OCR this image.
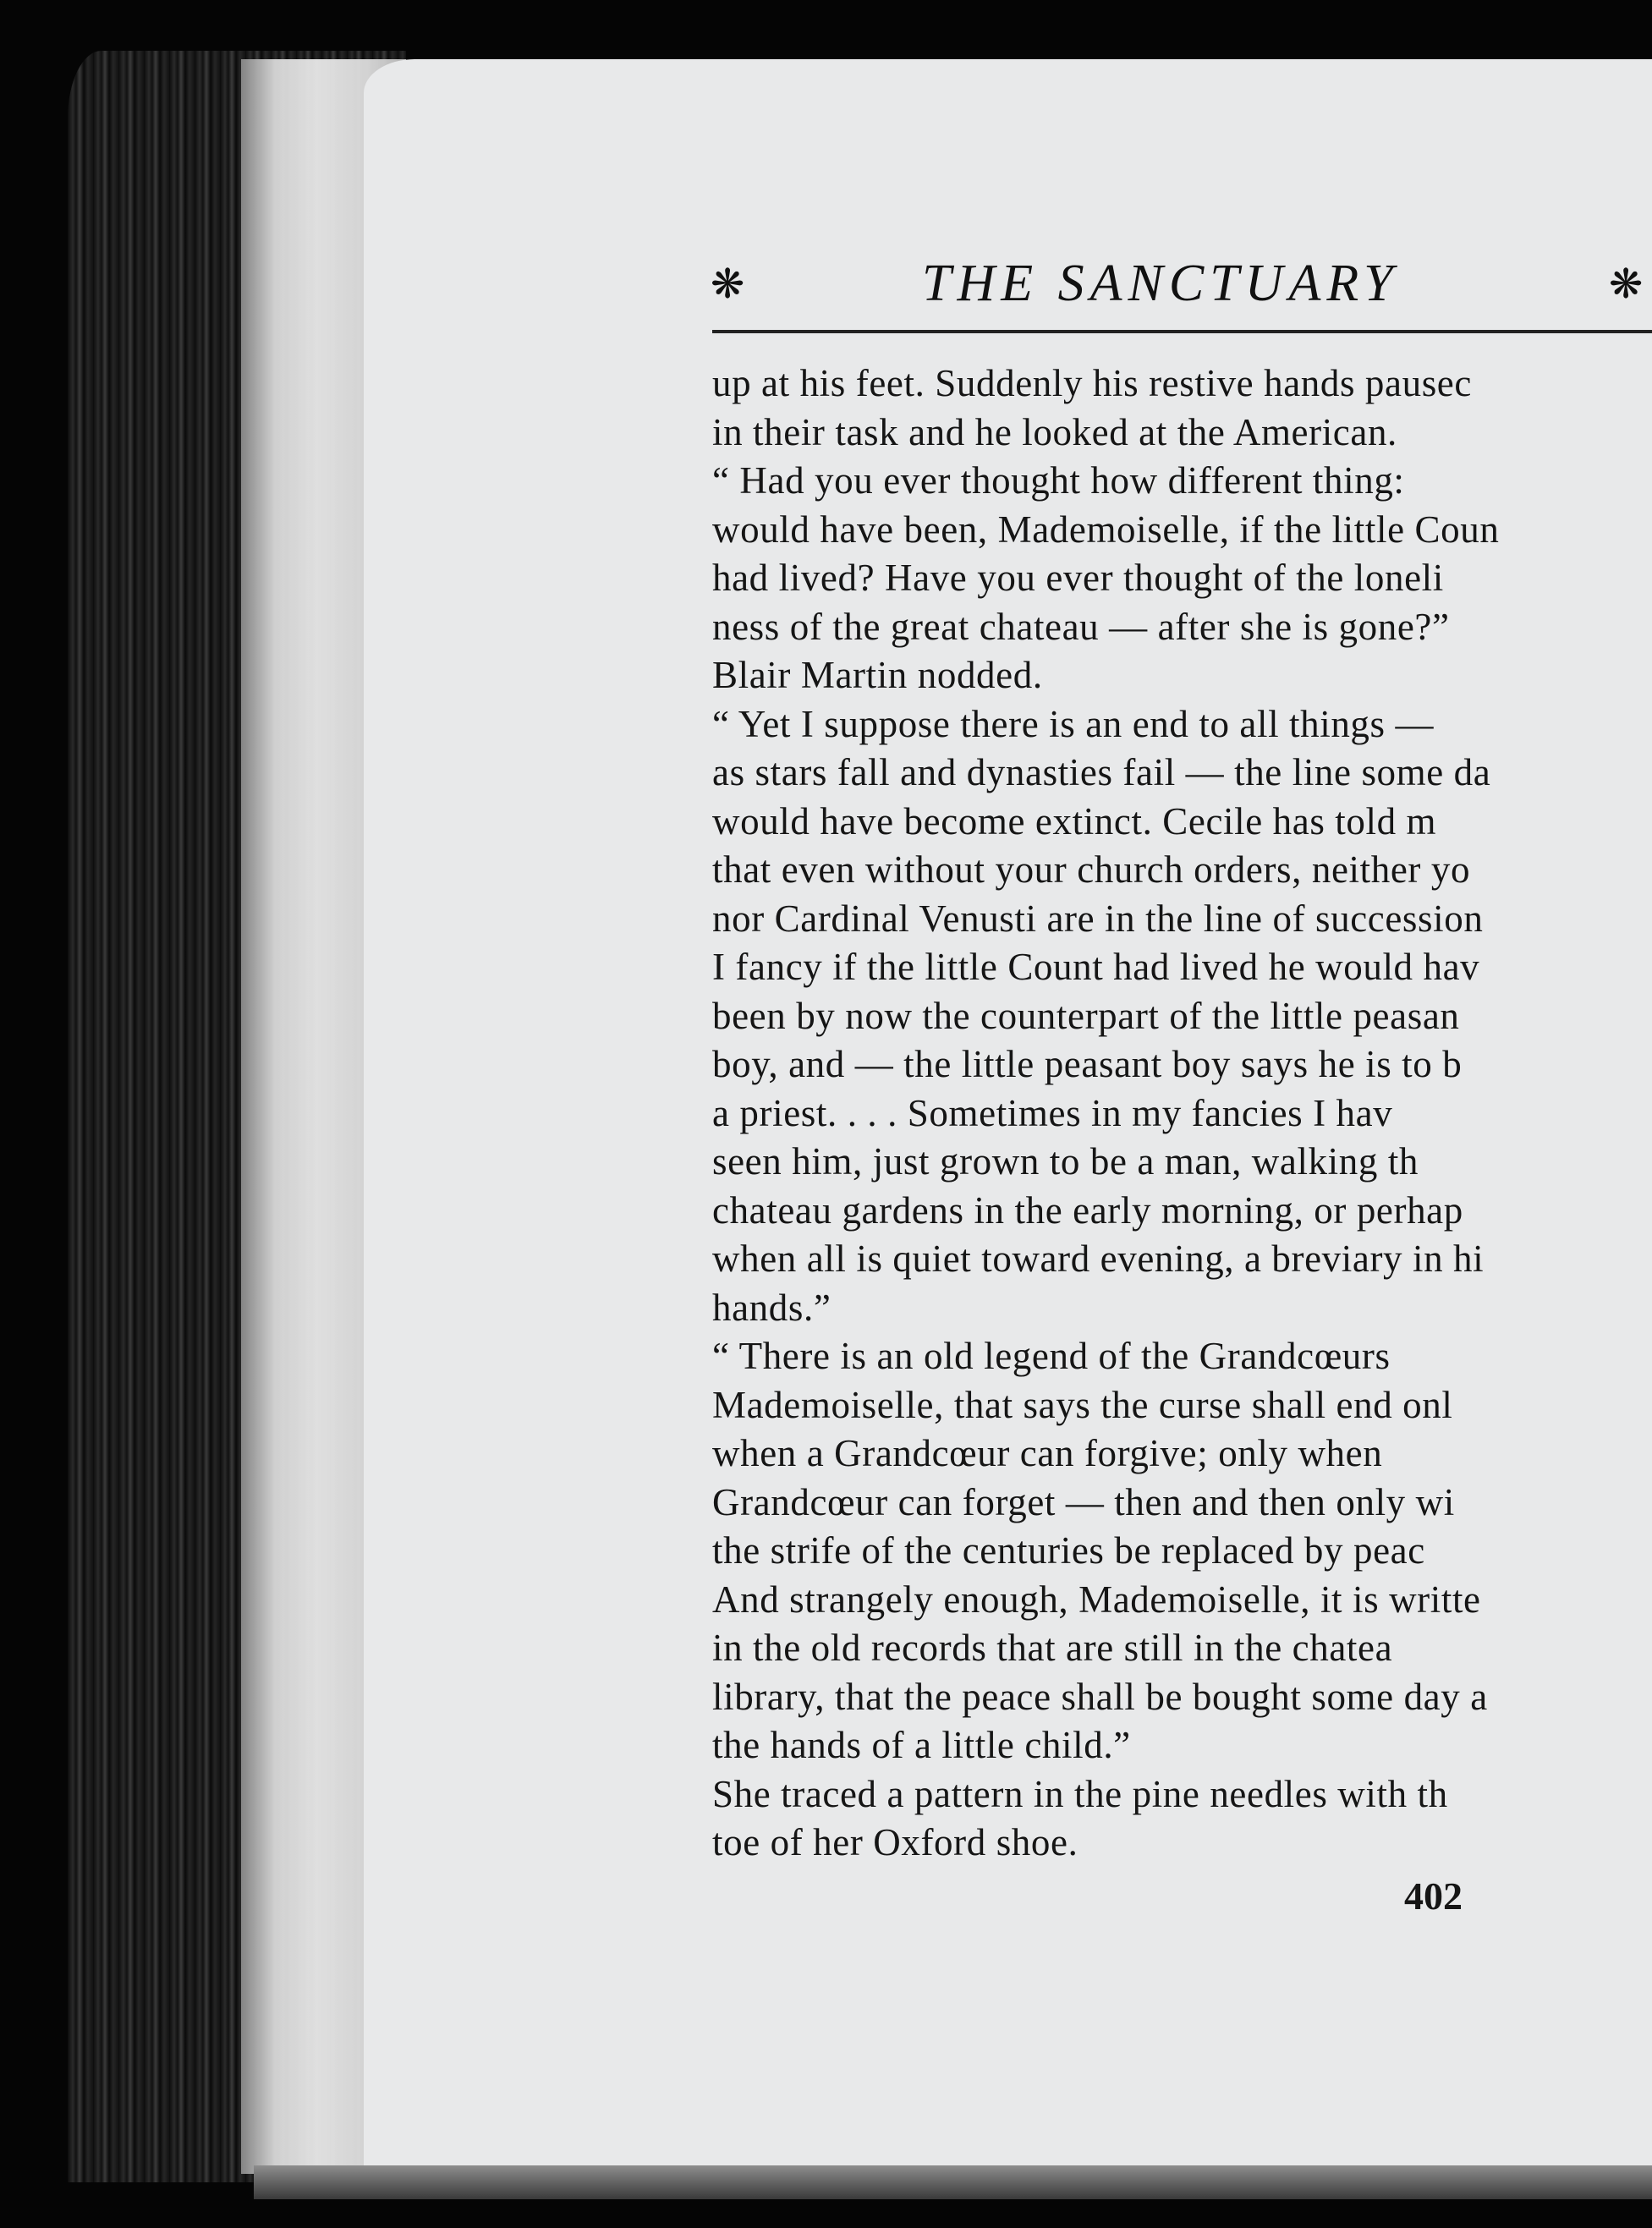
❋	THE SANCTUARY	❋
up at his feet. Suddenly his restive hands pausec
in their task and he looked at the American.
“ Had you ever thought how different thing:
would have been, Mademoiselle, if the little Coun
had lived? Have you ever thought of the loneli
ness of the great chateau — after she is gone?”
Blair Martin nodded.
“ Yet I suppose there is an end to all things —
as stars fall and dynasties fail — the line some da
would have become extinct. Cecile has told m
that even without your church orders, neither yo
nor Cardinal Venusti are in the line of succession
I fancy if the little Count had lived he would hav
been by now the counterpart of the little peasan
boy, and — the little peasant boy says he is to b
a priest. . . . Sometimes in my fancies I hav
seen him, just grown to be a man, walking th
chateau gardens in the early morning, or perhap
when all is quiet toward evening, a breviary in hi
hands.”
“ There is an old legend of the Grandcœurs
Mademoiselle, that says the curse shall end onl
when a Grandcœur can forgive; only when
Grandcœur can forget — then and then only wi
the strife of the centuries be replaced by peac
And strangely enough, Mademoiselle, it is writte
in the old records that are still in the chatea
library, that the peace shall be bought some day a
the hands of a little child.”
She traced a pattern in the pine needles with th
toe of her Oxford shoe.
402
